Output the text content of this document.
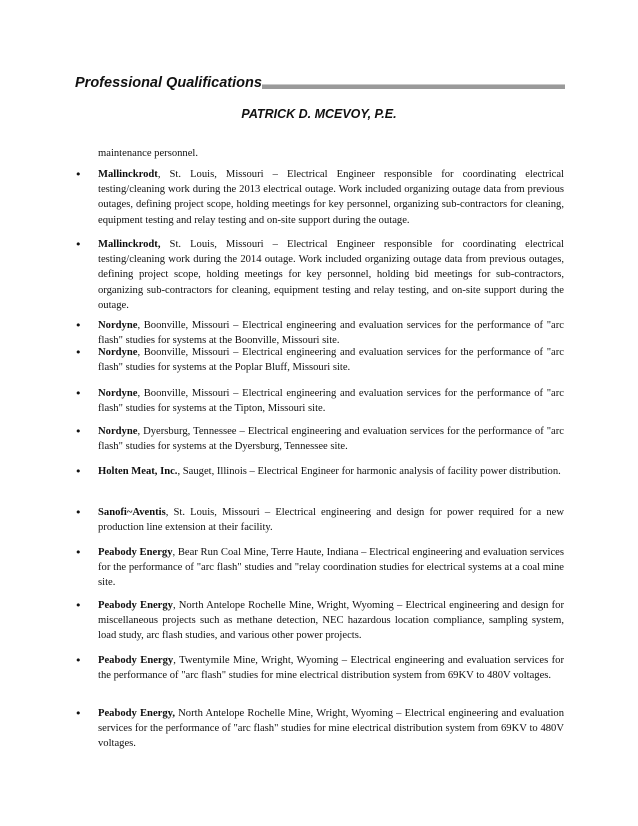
Professional Qualifications
PATRICK D. MCEVOY, P.E.
maintenance personnel.
•	Mallinckrodt, St. Louis, Missouri – Electrical Engineer responsible for coordinating electrical testing/cleaning work during the 2013 electrical outage. Work included organizing outage data from previous outages, defining project scope, holding meetings for key personnel, organizing sub-contractors for cleaning, equipment testing and relay testing and on-site support during the outage.
•	Mallinckrodt, St. Louis, Missouri – Electrical Engineer responsible for coordinating electrical testing/cleaning work during the 2014 outage. Work included organizing outage data from previous outages, defining project scope, holding meetings for key personnel, holding bid meetings for sub-contractors, organizing sub-contractors for cleaning, equipment testing and relay testing, and on-site support during the outage.
•	Nordyne, Boonville, Missouri – Electrical engineering and evaluation services for the performance of "arc flash" studies for systems at the Boonville, Missouri site.
•	Nordyne, Boonville, Missouri – Electrical engineering and evaluation services for the performance of "arc flash" studies for systems at the Poplar Bluff, Missouri site.
•	Nordyne, Boonville, Missouri – Electrical engineering and evaluation services for the performance of "arc flash" studies for systems at the Tipton, Missouri site.
•	Nordyne, Dyersburg, Tennessee – Electrical engineering and evaluation services for the performance of "arc flash" studies for systems at the Dyersburg, Tennessee site.
•	Holten Meat, Inc., Sauget, Illinois – Electrical Engineer for harmonic analysis of facility power distribution.
•	Sanofi~Aventis, St. Louis, Missouri – Electrical engineering and design for power required for a new production line extension at their facility.
•	Peabody Energy, Bear Run Coal Mine, Terre Haute, Indiana – Electrical engineering and evaluation services for the performance of "arc flash" studies and "relay coordination studies for electrical systems at a coal mine site.
•	Peabody Energy, North Antelope Rochelle Mine, Wright, Wyoming – Electrical engineering and design for miscellaneous projects such as methane detection, NEC hazardous location compliance, sampling system, load study, arc flash studies, and various other power projects.
•	Peabody Energy, Twentymile Mine, Wright, Wyoming – Electrical engineering and evaluation services for the performance of "arc flash" studies for mine electrical distribution system from 69KV to 480V voltages.
•	Peabody Energy, North Antelope Rochelle Mine, Wright, Wyoming – Electrical engineering and evaluation services for the performance of "arc flash" studies for mine electrical distribution system from 69KV to 480V voltages.
